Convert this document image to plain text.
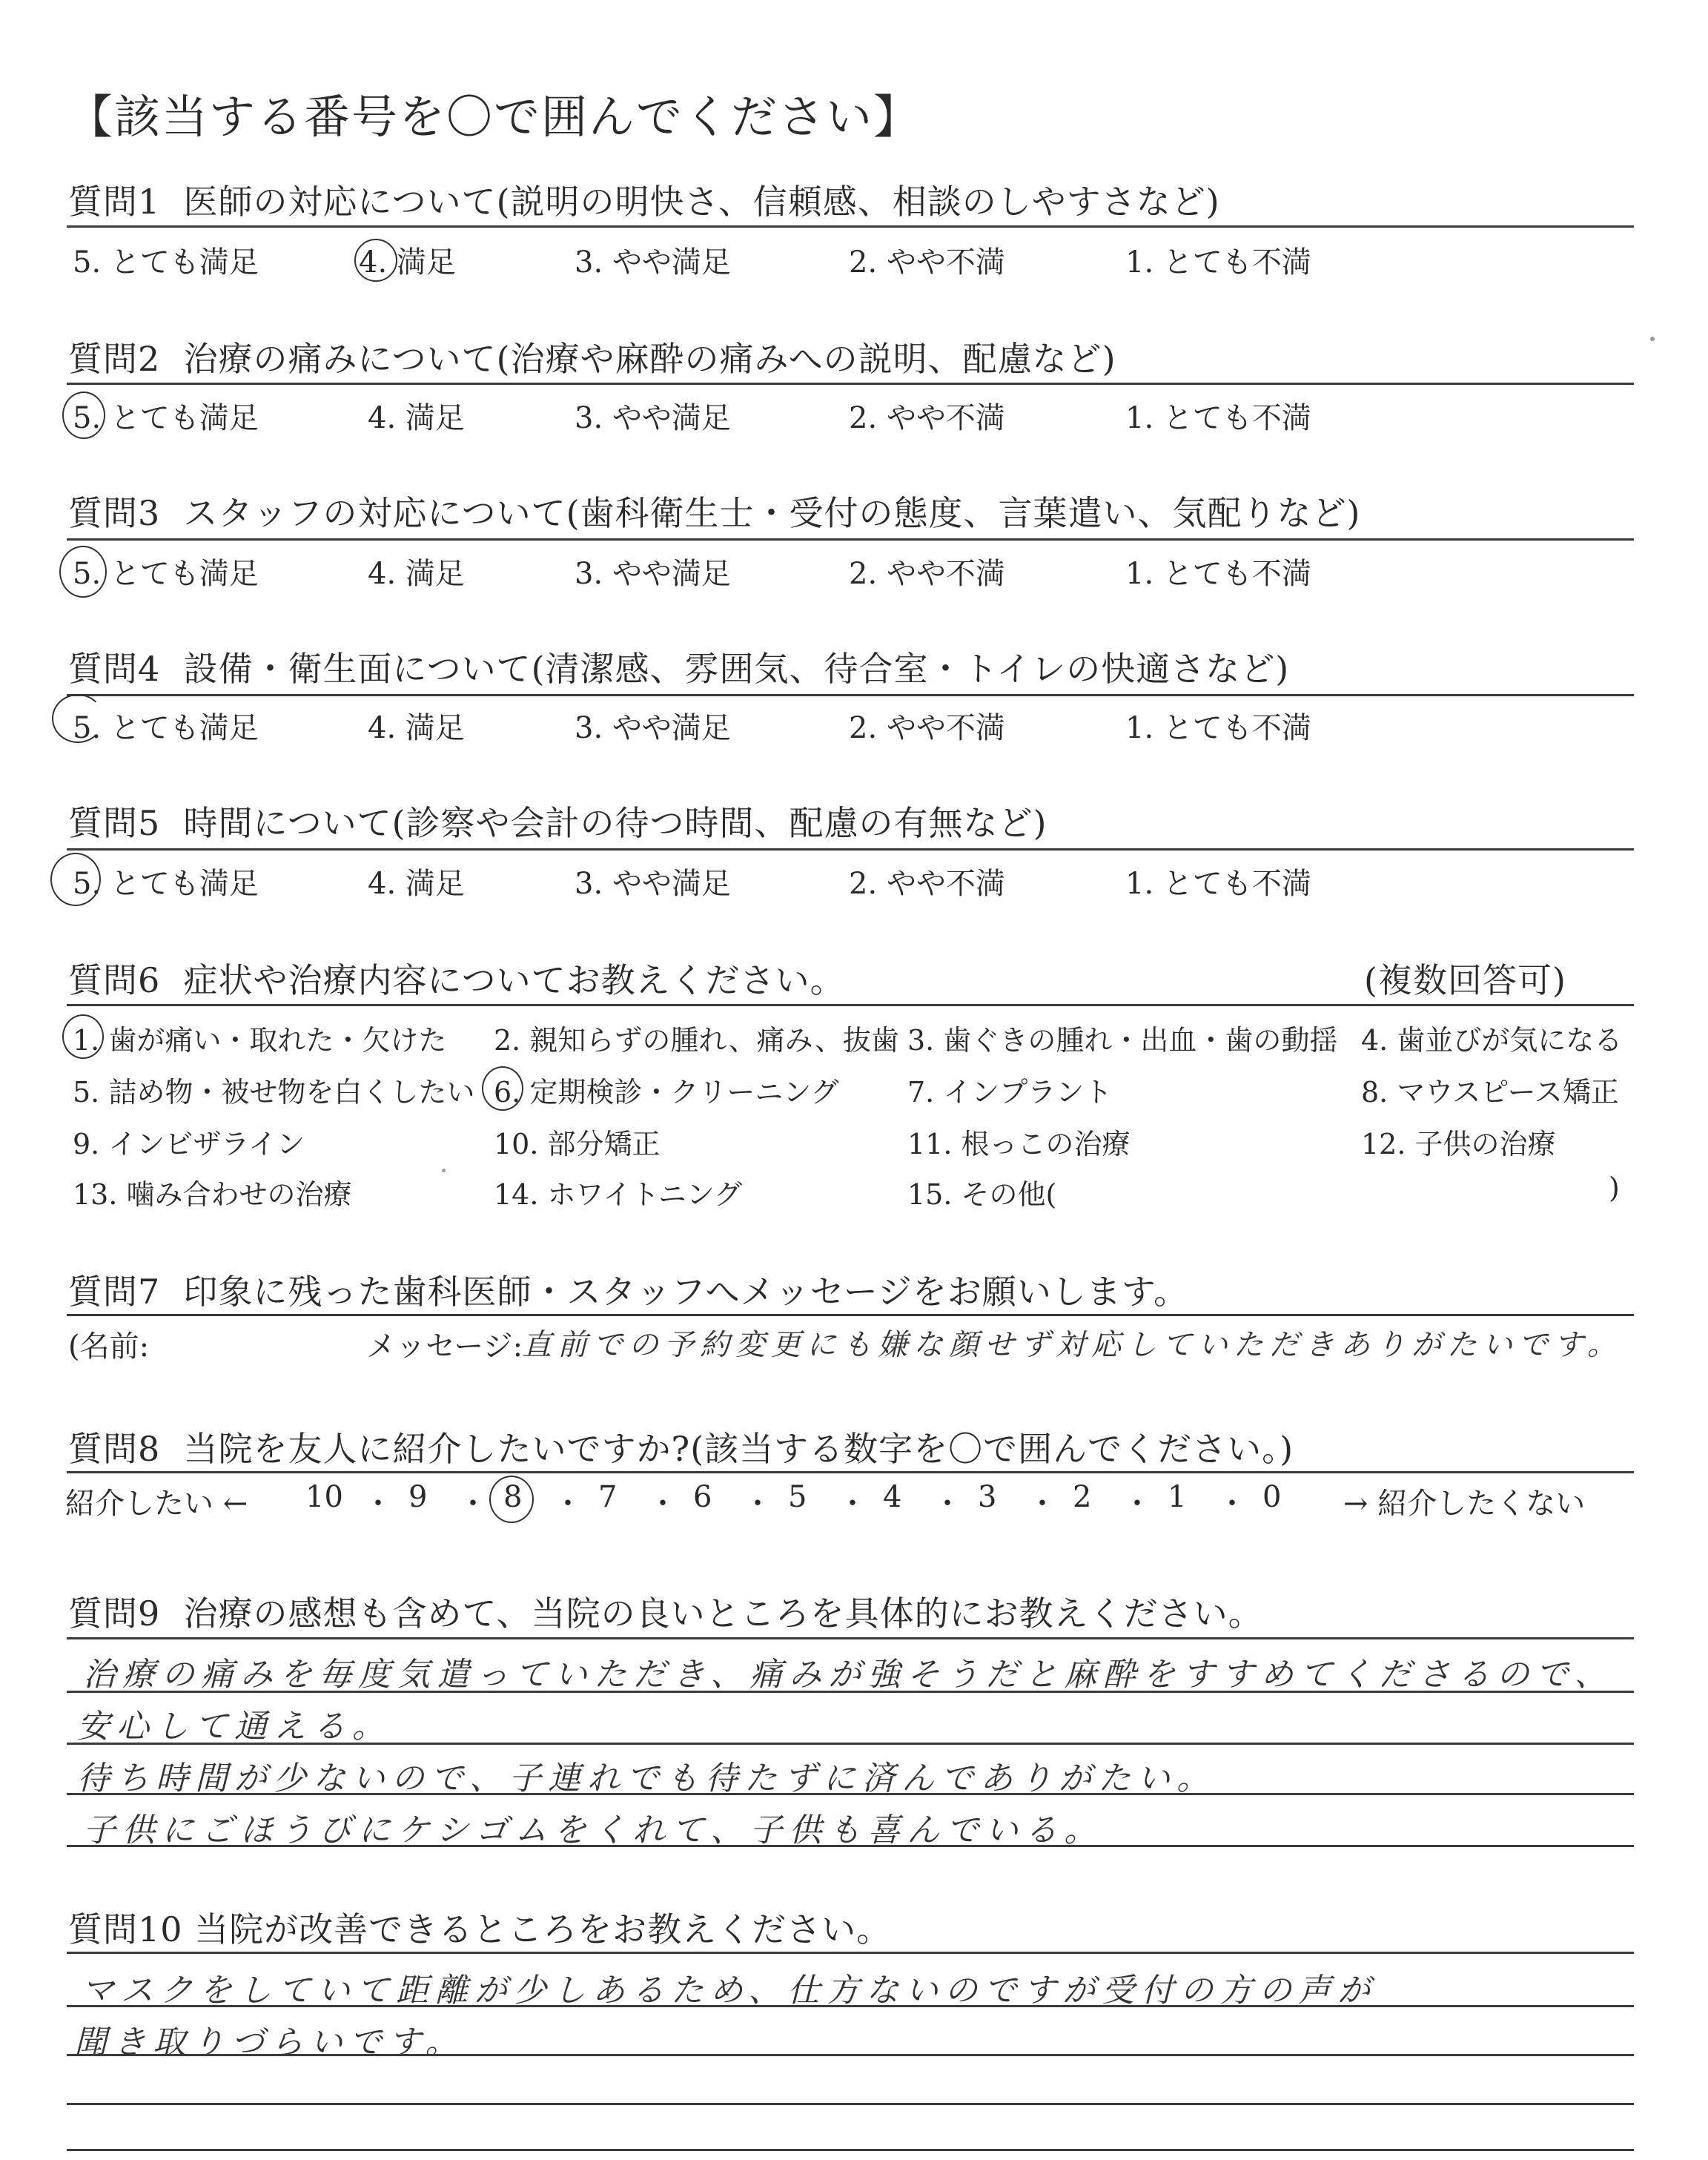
【該当する番号を〇で囲んでください】
質問1 医師の対応について(説明の明快さ、信頼感、相談のしやすさなど)
5. とても満足	4. 満足	3. やや満足	2. やや不満	1. とても不満
質問2 治療の痛みについて(治療や麻酔の痛みへの説明、配慮など)
5. とても満足	4. 満足	3. やや満足	2. やや不満	1. とても不満
質問3 スタッフの対応について(歯科衛生士・受付の態度、言葉遣い、気配りなど)
5. とても満足	4. 満足	3. やや満足	2. やや不満	1. とても不満
質問4 設備・衛生面について(清潔感、雰囲気、待合室・トイレの快適さなど)
5. とても満足	4. 満足	3. やや満足	2. やや不満	1. とても不満
質問5 時間について(診察や会計の待つ時間、配慮の有無など)
5. とても満足	4. 満足	3. やや満足	2. やや不満	1. とても不満
質問6 症状や治療内容についてお教えください。	(複数回答可)
1. 歯が痛い・取れた・欠けた 2. 親知らずの腫れ、痛み、抜歯 3. 歯ぐきの腫れ・出血・歯の動揺 4. 歯並びが気になる
5. 詰め物・被せ物を白くしたい 6. 定期検診・クリーニング 7. インプラント	8. マウスピース矯正
9. インビザライン	10. 部分矯正	11. 根っこの治療	12. 子供の治療
13. 噛み合わせの治療	14. ホワイトニング	15. その他(	)
質問7 印象に残った歯科医師・スタッフへメッセージをお願いします。
(名前:	メッセージ:
直前での予約変更にも嫌な顔せず対応していただきありがたいです。
質問8 当院を友人に紹介したいですか?(該当する数字を〇で囲んでください。)
紹介したい ←	→ 紹介したくない
10 ・ 9 ・ 8 ・ 7 ・ 6 ・ 5 ・ 4 ・ 3 ・ 2 ・ 1 ・ 0
質問9 治療の感想も含めて、当院の良いところを具体的にお教えください。
治療の痛みを毎度気遣っていただき、痛みが強そうだと麻酔をすすめてくださるので、
安心して通える。
待ち時間が少ないので、子連れでも待たずに済んでありがたい。
子供にごほうびにケシゴムをくれて、子供も喜んでいる。
質問10 当院が改善できるところをお教えください。
マスクをしていて距離が少しあるため、仕方ないのですが受付の方の声が
聞き取りづらいです。
